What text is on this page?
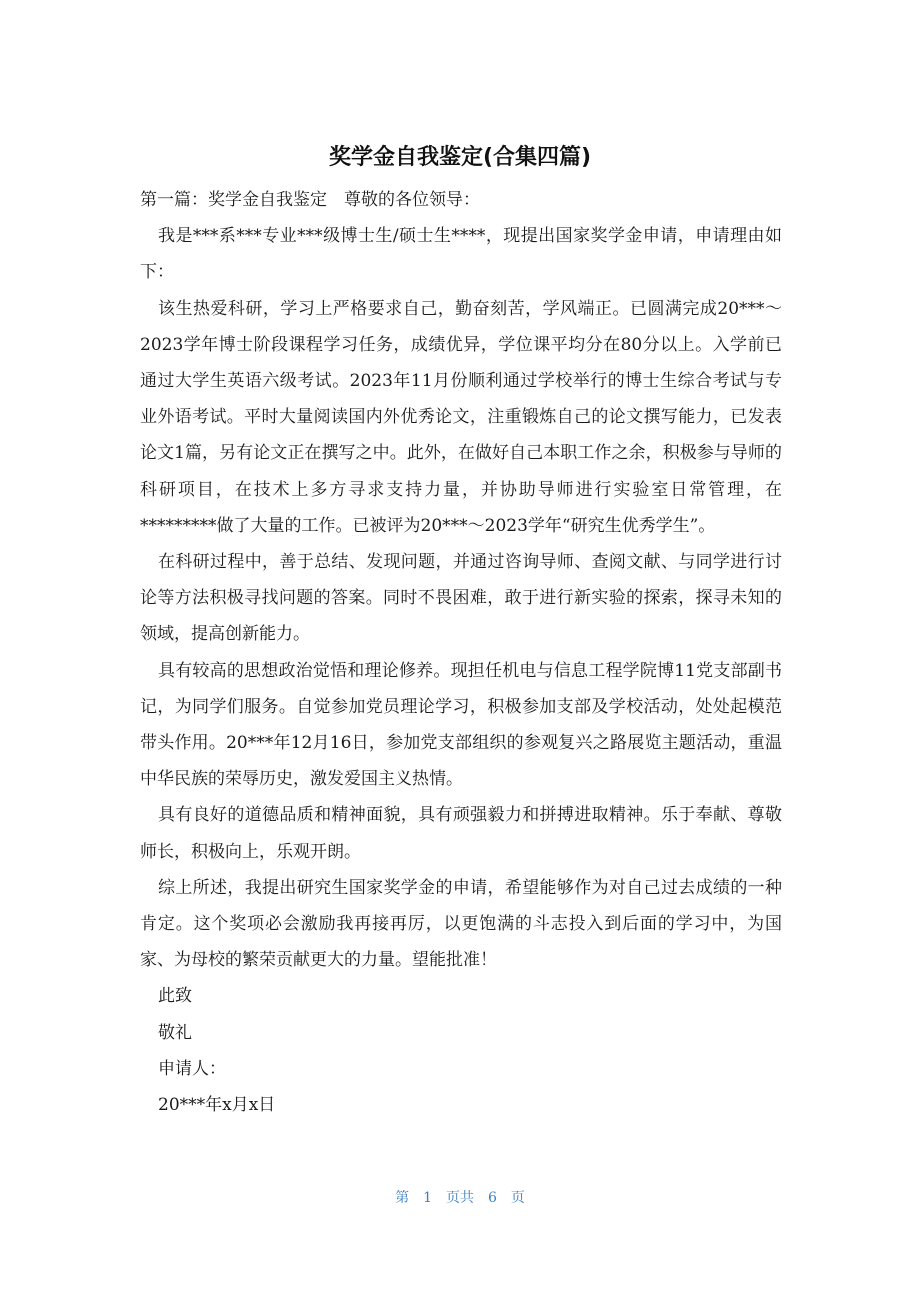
奖学金自我鉴定(合集四篇)

第一篇：奖学金自我鉴定　尊敬的各位领导：

我是***系***专业***级博士生/硕士生****，现提出国家奖学金申请，申请理由如下：

该生热爱科研，学习上严格要求自己，勤奋刻苦，学风端正。已圆满完成20***～2023学年博士阶段课程学习任务，成绩优异，学位课平均分在80分以上。入学前已通过大学生英语六级考试。2023年11月份顺利通过学校举行的博士生综合考试与专业外语考试。平时大量阅读国内外优秀论文，注重锻炼自己的论文撰写能力，已发表论文1篇，另有论文正在撰写之中。此外，在做好自己本职工作之余，积极参与导师的科研项目，在技术上多方寻求支持力量，并协助导师进行实验室日常管理，在*********做了大量的工作。已被评为20***～2023学年“研究生优秀学生”。

在科研过程中，善于总结、发现问题，并通过咨询导师、查阅文献、与同学进行讨论等方法积极寻找问题的答案。同时不畏困难，敢于进行新实验的探索，探寻未知的领域，提高创新能力。

具有较高的思想政治觉悟和理论修养。现担任机电与信息工程学院博11党支部副书记，为同学们服务。自觉参加党员理论学习，积极参加支部及学校活动，处处起模范带头作用。20***年12月16日，参加党支部组织的参观复兴之路展览主题活动，重温中华民族的荣辱历史，激发爱国主义热情。

具有良好的道德品质和精神面貌，具有顽强毅力和拼搏进取精神。乐于奉献、尊敬师长，积极向上，乐观开朗。

综上所述，我提出研究生国家奖学金的申请，希望能够作为对自己过去成绩的一种肯定。这个奖项必会激励我再接再厉，以更饱满的斗志投入到后面的学习中，为国家、为母校的繁荣贡献更大的力量。望能批准！

此致

敬礼

申请人：

20***年x月x日

第 1 页共 6 页
